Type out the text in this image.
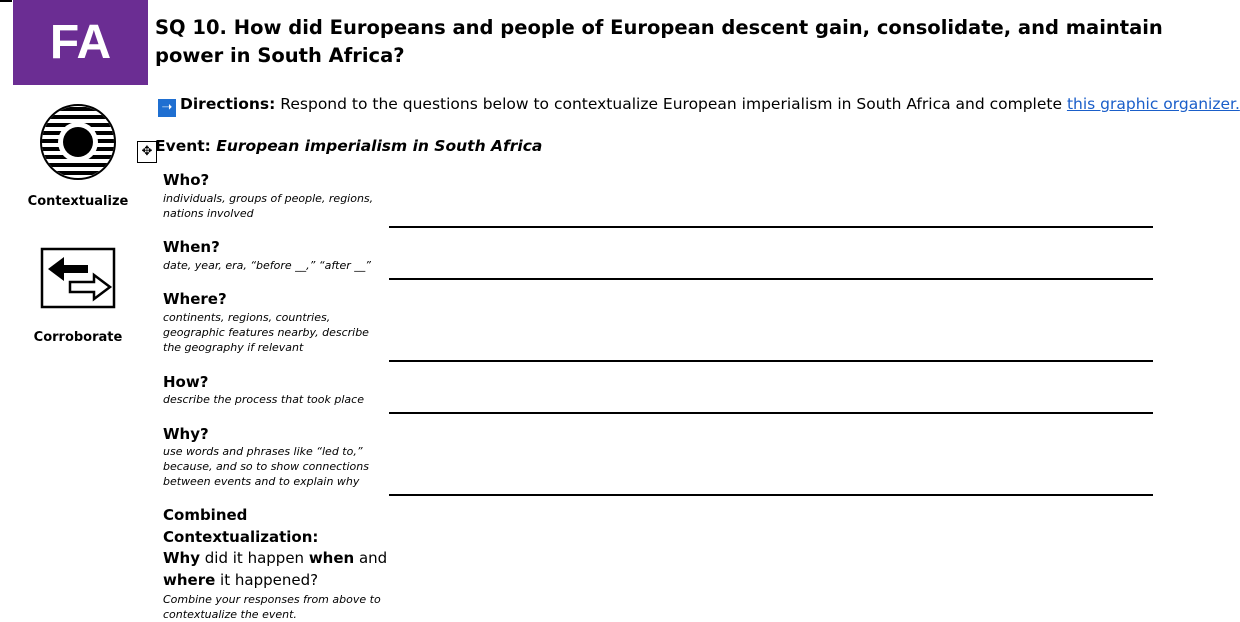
FA	SQ 10. How did Europeans and people of European descent gain, consolidate, and maintain power in South Africa?
➝ Directions: Respond to the questions below to contextualize European imperialism in South Africa and complete this graphic organizer.
Contextualize
Corroborate
✥ Event: European imperialism in South Africa
Who?
individuals, groups of people, regions, nations involved
When?
date, year, era, “before __,” “after __”
Where?
continents, regions, countries, geographic features nearby, describe the geography if relevant
How?
describe the process that took place
Why?
use words and phrases like “led to,” because, and so to show connections between events and to explain why
Combined Contextualization:
Why did it happen when and
where it happened?
Combine your responses from above to contextualize the event.
